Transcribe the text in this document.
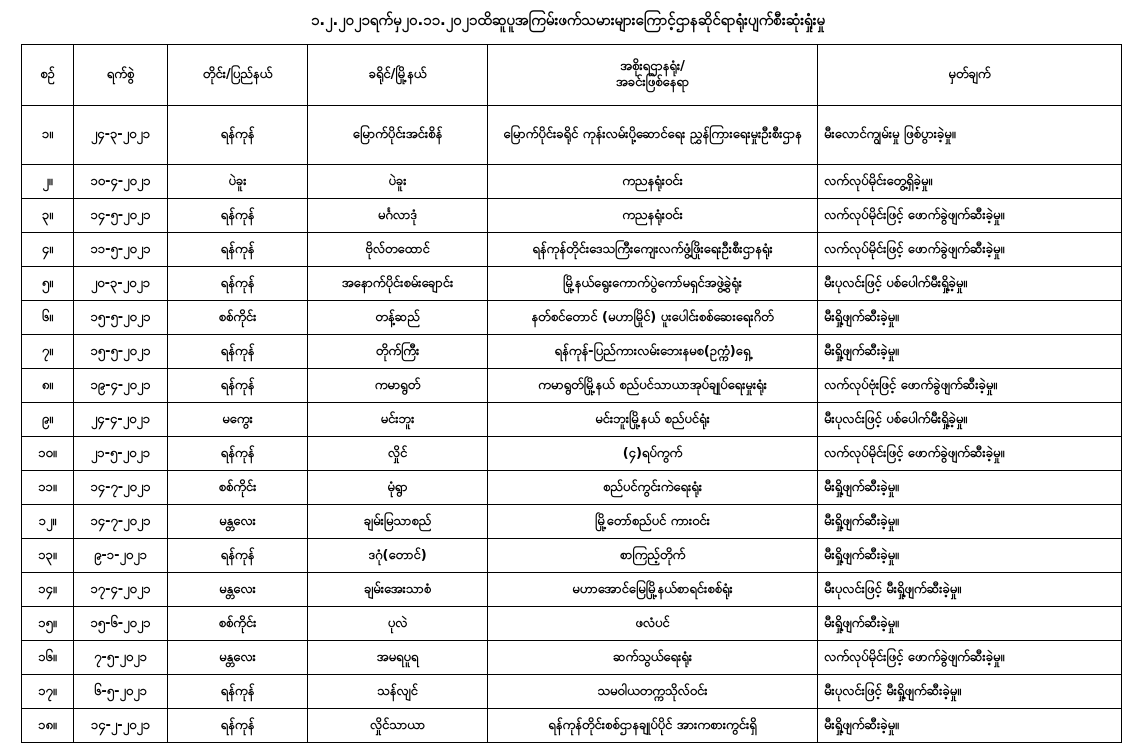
၁.၂.၂၀၂၁ရက်မှ၂၀.၁၁.၂၀၂၁ထိဆူပူအကြမ်းဖက်သမားများကြောင့်ဌာနဆိုင်ရာရုံးပျက်စီးဆုံးရှုံးမှု
စဉ်	ရက်စွဲ	တိုင်း/ပြည်နယ်	ခရိုင်/မြို့နယ်	အစိုးရဌာနရုံး/
အခင်းဖြစ်နေရာ	မှတ်ချက်
၁။	၂၄-၃-၂၀၂၁	ရန်ကုန်	မြောက်ပိုင်းအင်းစိန်	မြောက်ပိုင်းခရိုင် ကုန်းလမ်းပို့ဆောင်ရေး ညွှန်ကြားရေးမှုးဦးစီးဌာန	မီးလောင်ကျွမ်းမှု ဖြစ်ပွားခဲ့မှု။
၂။	၁၀-၄-၂၀၂၁	ပဲခူး	ပဲခူး	ကညနရုံးဝင်း	လက်လုပ်မိုင်းတွေ့ရှိခဲ့မှု။
၃။	၁၄-၅-၂၀၂၁	ရန်ကုန်	မင်္ဂလာဒုံ	ကညနရုံးဝင်း	လက်လုပ်မိုင်းဖြင့် ဖောက်ခွဲဖျက်ဆီးခဲ့မှု။
၄။	၁၁-၅-၂၀၂၁	ရန်ကုန်	ဗိုလ်တထောင်	ရန်ကုန်တိုင်းဒေသကြီးကျေးလက်ဖွံ့ဖြိုးရေးဦးစီးဌာနရုံး	လက်လုပ်မိုင်းဖြင့် ဖောက်ခွဲဖျက်ဆီးခဲ့မှု။
၅။	၂၀-၃-၂၀၂၁	ရန်ကုန်	အနောက်ပိုင်းစမ်းချောင်း	မြို့နယ်ရွေးကောက်ပွဲကော်မရှင်အဖွဲ့ခွဲရုံး	မီးပုလင်းဖြင့် ပစ်ပေါက်မီးရှို့ခဲ့မှု။
၆။	၁၅-၅-၂၀၂၁	စစ်ကိုင်း	တန့်ဆည်	နတ်စင်တောင် (မဟာမြိုင်) ပူးပေါင်းစစ်ဆေးရေးဂိတ်	မီးရှို့ဖျက်ဆီးခဲ့မှု။
၇။	၁၅-၅-၂၀၂၁	ရန်ကုန်	တိုက်ကြီး	ရန်ကုန်-ပြည်ကားလမ်းဘေးနမစ(ဥက္ကံ)ရှေ့	မီးရှို့ဖျက်ဆီးခဲ့မှု။
၈။	၁၉-၄-၂၀၂၁	ရန်ကုန်	ကမာရွတ်	ကမာရွတ်မြို့နယ် စည်ပင်သာယာအုပ်ချုပ်ရေးမှုးရုံး	လက်လုပ်ဗုံးဖြင့် ဖောက်ခွဲဖျက်ဆီးခဲ့မှု။
၉။	၂၄-၄-၂၀၂၁	မကွေး	မင်းဘူး	မင်းဘူးမြို့နယ် စည်ပင်ရုံး	မီးပုလင်းဖြင့် ပစ်ပေါက်မီးရှို့ခဲ့မှု။
၁၀။	၂၁-၅-၂၀၂၁	ရန်ကုန်	လှိုင်	(၄)ရပ်ကွက်	လက်လုပ်မိုင်းဖြင့် ဖောက်ခွဲဖျက်ဆီးခဲ့မှု။
၁၁။	၁၄-၇-၂၀၂၁	စစ်ကိုင်း	မုံရွာ	စည်ပင်ကွင်းကဲရေးရုံး	မီးရှို့ဖျက်ဆီးခဲ့မှု။
၁၂။	၁၄-၇-၂၀၂၁	မန္တလေး	ချမ်းမြသာစည်	မြို့တော်စည်ပင် ကားဝင်း	မီးရှို့ဖျက်ဆီးခဲ့မှု။
၁၃။	၉-၁-၂၀၂၁	ရန်ကုန်	ဒဂုံ(တောင်)	စာကြည့်တိုက်	မီးရှို့ဖျက်ဆီးခဲ့မှု။
၁၄။	၁၇-၄-၂၀၂၁	မန္တလေး	ချမ်းအေးသာစံ	မဟာအောင်မြေမြို့နယ်စာရင်းစစ်ရုံး	မီးပုလင်းဖြင့် မီးရှို့ဖျက်ဆီးခဲ့မှု။
၁၅။	၁၅-၆-၂၀၂၁	စစ်ကိုင်း	ပုလဲ	ဖလံပင်	မီးရှို့ဖျက်ဆီးခဲ့မှု။
၁၆။	၇-၅-၂၀၂၁	မန္တလေး	အမရပူရ	ဆက်သွယ်ရေးရုံး	လက်လုပ်မိုင်းဖြင့် ဖောက်ခွဲဖျက်ဆီးခဲ့မှု။
၁၇။	၆-၅-၂၀၂၁	ရန်ကုန်	သန်လျင်	သမဝါယတက္ကသိုလ်ဝင်း	မီးပုလင်းဖြင့် မီးရှို့ဖျက်ဆီးခဲ့မှု။
၁၈။	၁၄-၂-၂၀၂၁	ရန်ကုန်	လှိုင်သာယာ	ရန်ကုန်တိုင်းစစ်ဌာနချုပ်ပိုင် အားကစားကွင်းရှိ	မီးရှို့ဖျက်ဆီးခဲ့မှု။
